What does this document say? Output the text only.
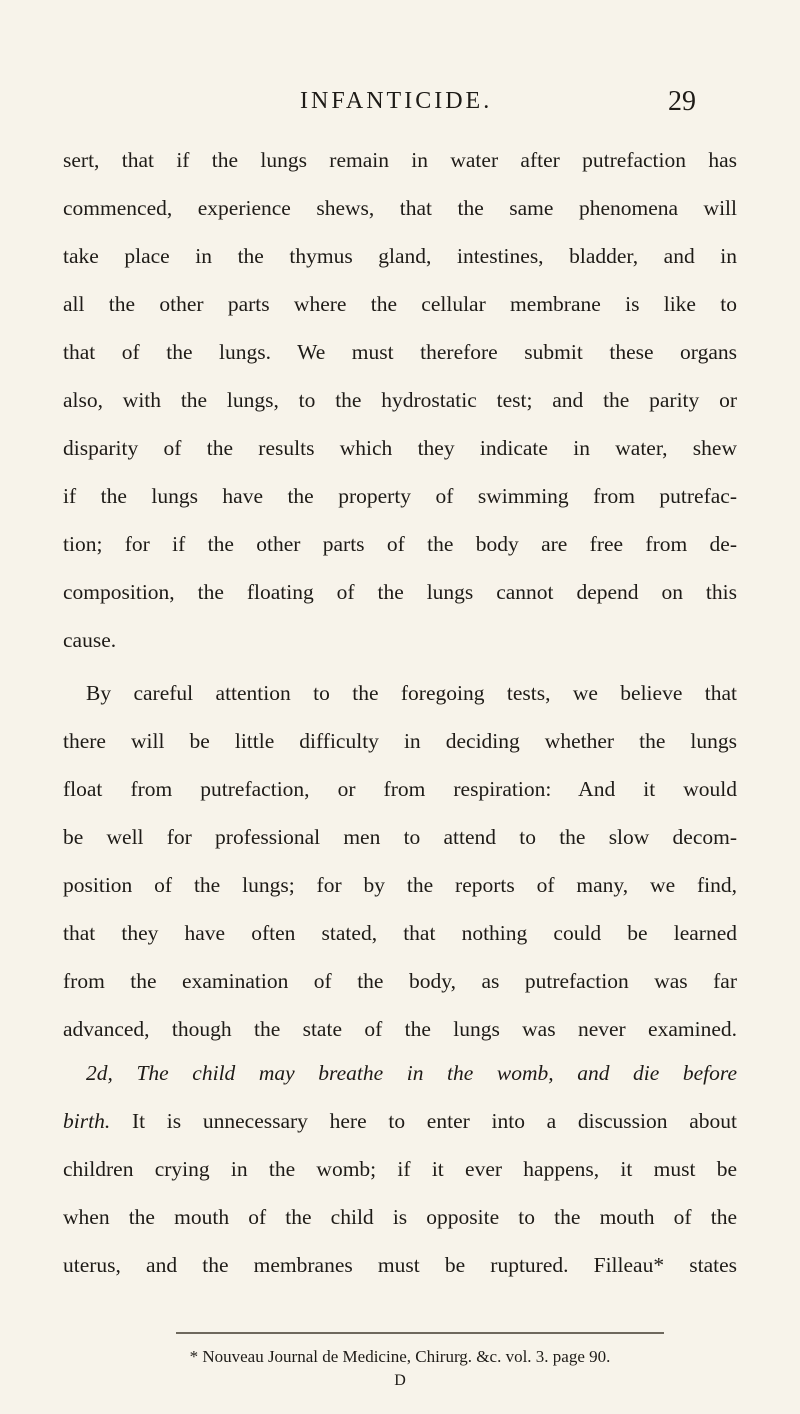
INFANTICIDE.	29
sert, that if the lungs remain in water after putrefaction has
commenced, experience shews, that the same phenomena will
take place in the thymus gland, intestines, bladder, and in
all the other parts where the cellular membrane is like to
that of the lungs. We must therefore submit these organs
also, with the lungs, to the hydrostatic test; and the parity or
disparity of the results which they indicate in water, shew
if the lungs have the property of swimming from putrefac-
tion; for if the other parts of the body are free from de-
composition, the floating of the lungs cannot depend on this
cause.
By careful attention to the foregoing tests, we believe that
there will be little difficulty in deciding whether the lungs
float from putrefaction, or from respiration: And it would
be well for professional men to attend to the slow decom-
position of the lungs; for by the reports of many, we find,
that they have often stated, that nothing could be learned
from the examination of the body, as putrefaction was far
advanced, though the state of the lungs was never examined.
2d, The child may breathe in the womb, and die before
birth. It is unnecessary here to enter into a discussion about
children crying in the womb; if it ever happens, it must be
when the mouth of the child is opposite to the mouth of the
uterus, and the membranes must be ruptured. Filleau* states
* Nouveau Journal de Medicine, Chirurg. &c. vol. 3. page 90.
D
